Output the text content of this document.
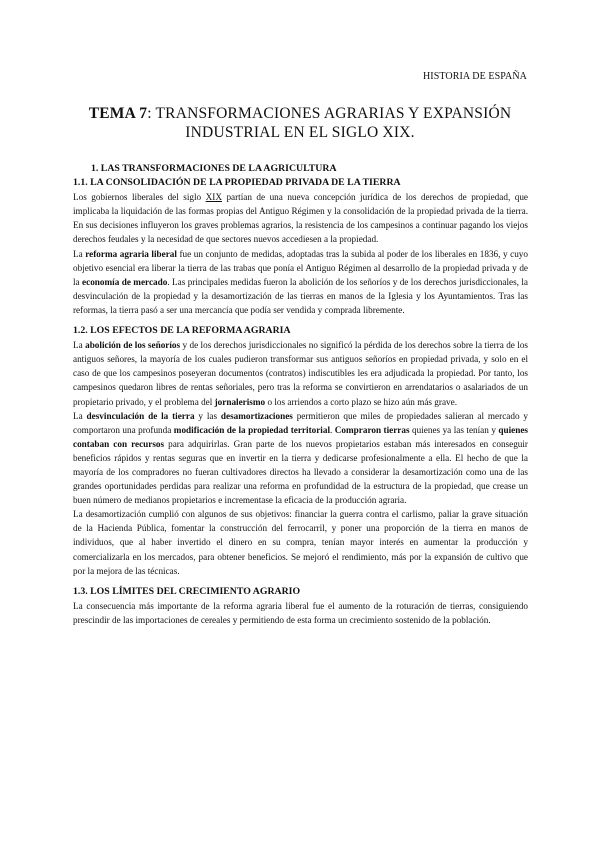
HISTORIA DE ESPAÑA
TEMA 7: TRANSFORMACIONES AGRARIAS Y EXPANSIÓN
INDUSTRIAL EN EL SIGLO XIX.
1. LAS TRANSFORMACIONES DE LA AGRICULTURA
1.1. LA CONSOLIDACIÓN DE LA PROPIEDAD PRIVADA DE LA TIERRA

Los gobiernos liberales del siglo XIX partían de una nueva concepción jurídica de los derechos de propiedad, que implicaba la liquidación de las formas propias del Antiguo Régimen y la consolidación de la propiedad privada de la tierra. En sus decisiones influyeron los graves problemas agrarios, la resistencia de los campesinos a continuar pagando los viejos derechos feudales y la necesidad de que sectores nuevos accediesen a la propiedad.

La reforma agraria liberal fue un conjunto de medidas, adoptadas tras la subida al poder de los liberales en 1836, y cuyo objetivo esencial era liberar la tierra de las trabas que ponía el Antiguo Régimen al desarrollo de la propiedad privada y de la economía de mercado. Las principales medidas fueron la abolición de los señoríos y de los derechos jurisdiccionales, la desvinculación de la propiedad y la desamortización de las tierras en manos de la Iglesia y los Ayuntamientos. Tras las reformas, la tierra pasó a ser una mercancía que podía ser vendida y comprada libremente.

1.2. LOS EFECTOS DE LA REFORMA AGRARIA

La abolición de los señoríos y de los derechos jurisdiccionales no significó la pérdida de los derechos sobre la tierra de los antiguos señores, la mayoría de los cuales pudieron transformar sus antiguos señoríos en propiedad privada, y solo en el caso de que los campesinos poseyeran documentos (contratos) indiscutibles les era adjudicada la propiedad. Por tanto, los campesinos quedaron libres de rentas señoriales, pero tras la reforma se convirtieron en arrendatarios o asalariados de un propietario privado, y el problema del jornalerismo o los arriendos a corto plazo se hizo aún más grave.

La desvinculación de la tierra y las desamortizaciones permitieron que miles de propiedades salieran al mercado y comportaron una profunda modificación de la propiedad territorial. Compraron tierras quienes ya las tenían y quienes contaban con recursos para adquirirlas. Gran parte de los nuevos propietarios estaban más interesados en conseguir beneficios rápidos y rentas seguras que en invertir en la tierra y dedicarse profesionalmente a ella. El hecho de que la mayoría de los compradores no fueran cultivadores directos ha llevado a considerar la desamortización como una de las grandes oportunidades perdidas para realizar una reforma en profundidad de la estructura de la propiedad, que crease un buen número de medianos propietarios e incrementase la eficacia de la producción agraria.

La desamortización cumplió con algunos de sus objetivos: financiar la guerra contra el carlismo, paliar la grave situación de la Hacienda Pública, fomentar la construcción del ferrocarril, y poner una proporción de la tierra en manos de individuos, que al haber invertido el dinero en su compra, tenían mayor interés en aumentar la producción y comercializarla en los mercados, para obtener beneficios. Se mejoró el rendimiento, más por la expansión de cultivo que por la mejora de las técnicas.

1.3. LOS LÍMITES DEL CRECIMIENTO AGRARIO

La consecuencia más importante de la reforma agraria liberal fue el aumento de la roturación de tierras, consiguiendo prescindir de las importaciones de cereales y permitiendo de esta forma un crecimiento sostenido de la población.
